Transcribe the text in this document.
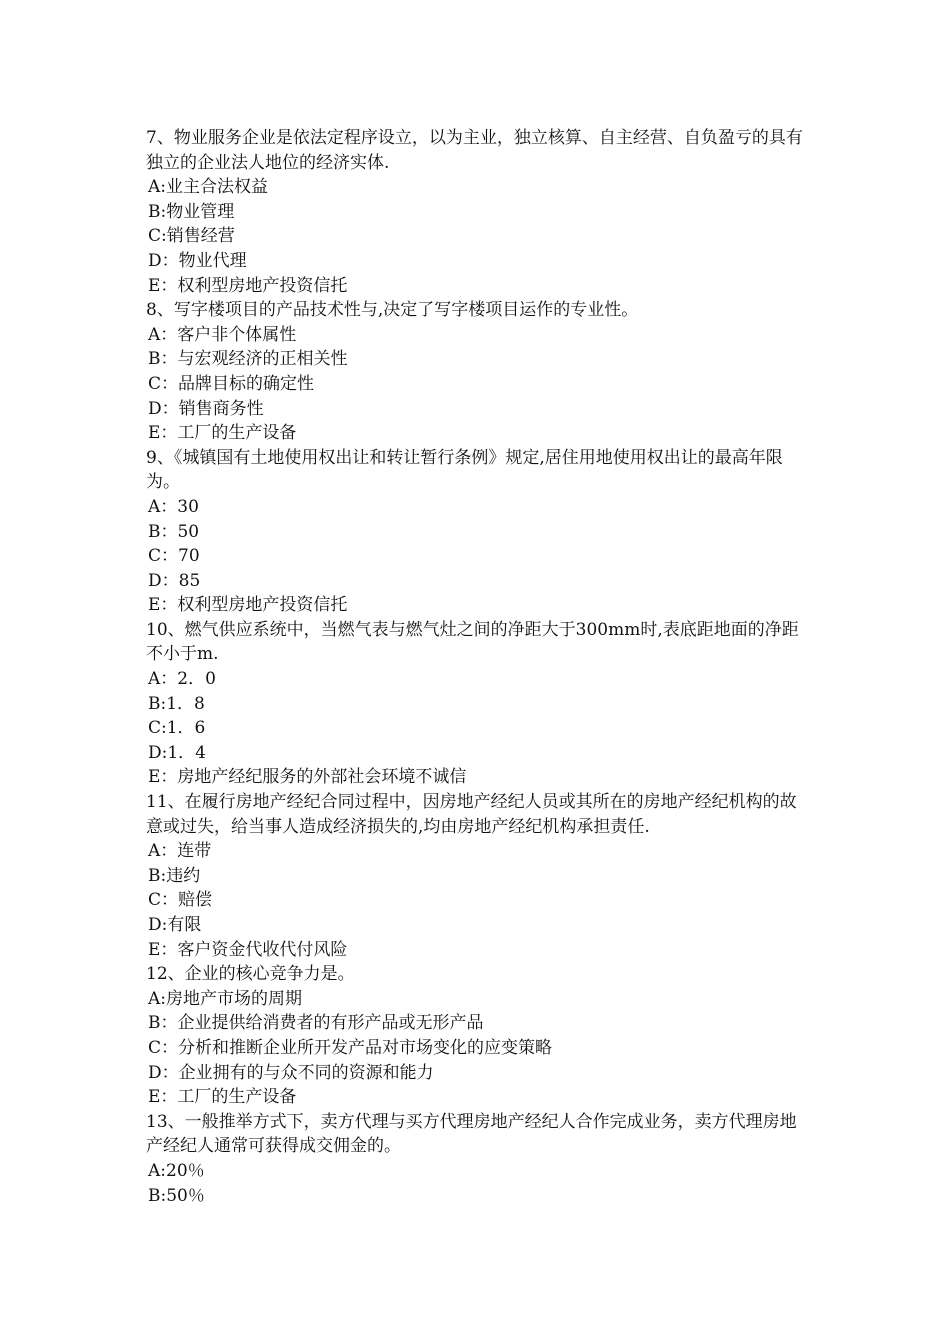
7、物业服务企业是依法定程序设立，以为主业，独立核算、自主经营、自负盈亏的具有独立的企业法人地位的经济实体.
A:业主合法权益
B:物业管理
C:销售经营
D：物业代理
E：权利型房地产投资信托
8、写字楼项目的产品技术性与,决定了写字楼项目运作的专业性。
A：客户非个体属性
B：与宏观经济的正相关性
C：品牌目标的确定性
D：销售商务性
E：工厂的生产设备
9、《城镇国有土地使用权出让和转让暂行条例》规定,居住用地使用权出让的最高年限为。
A：30
B：50
C：70
D：85
E：权利型房地产投资信托
10、燃气供应系统中，当燃气表与燃气灶之间的净距大于300mm时,表底距地面的净距不小于m.
A：2．0
B:1．8
C:1．6
D:1．4
E：房地产经纪服务的外部社会环境不诚信
11、在履行房地产经纪合同过程中，因房地产经纪人员或其所在的房地产经纪机构的故意或过失，给当事人造成经济损失的,均由房地产经纪机构承担责任.
A：连带
B:违约
C：赔偿
D:有限
E：客户资金代收代付风险
12、企业的核心竞争力是。
A:房地产市场的周期
B：企业提供给消费者的有形产品或无形产品
C：分析和推断企业所开发产品对市场变化的应变策略
D：企业拥有的与众不同的资源和能力
E：工厂的生产设备
13、一般推举方式下，卖方代理与买方代理房地产经纪人合作完成业务，卖方代理房地产经纪人通常可获得成交佣金的。
A:20％
B:50％
